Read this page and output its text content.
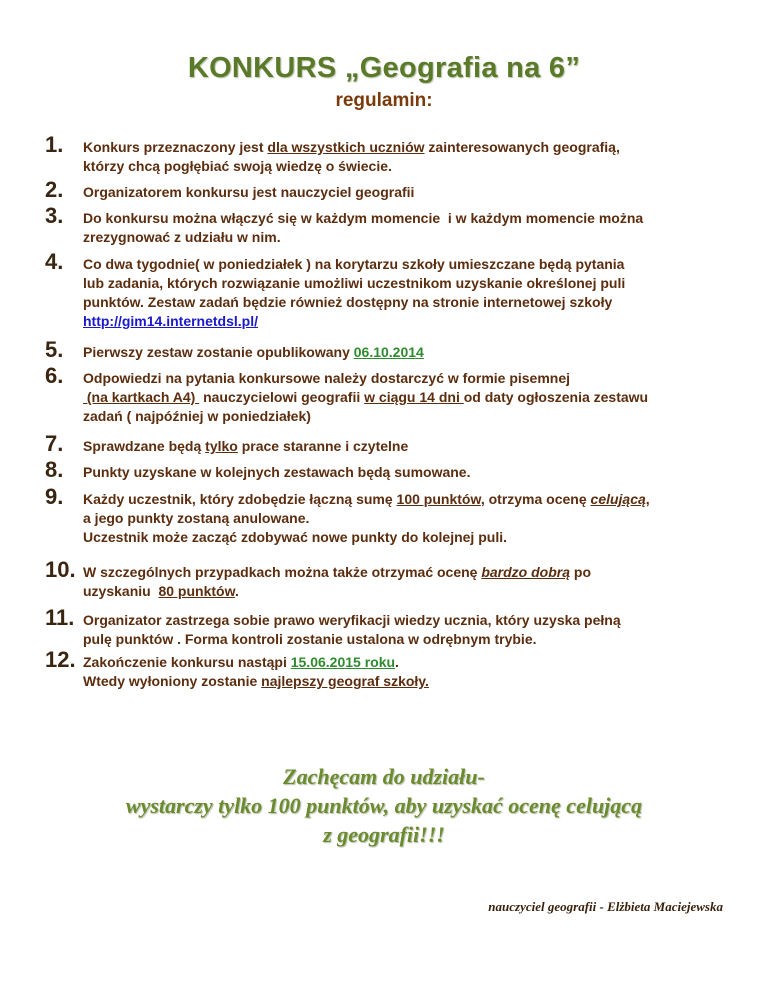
KONKURS „Geografia na 6”
regulamin:
1. Konkurs przeznaczony jest dla wszystkich uczniów zainteresowanych geografią,
którzy chcą pogłębiać swoją wiedzę o świecie.
2. Organizatorem konkursu jest nauczyciel geografii
3. Do konkursu można włączyć się w każdym momencie  i w każdym momencie można
zrezygnować z udziału w nim.
4. Co dwa tygodnie( w poniedziałek ) na korytarzu szkoły umieszczane będą pytania
lub zadania, których rozwiązanie umożliwi uczestnikom uzyskanie określonej puli
punktów. Zestaw zadań będzie również dostępny na stronie internetowej szkoły
http://gim14.internetdsl.pl/
5. Pierwszy zestaw zostanie opublikowany 06.10.2014
6. Odpowiedzi na pytania konkursowe należy dostarczyć w formie pisemnej
(na kartkach A4)  nauczycielowi geografii w ciągu 14 dni od daty ogłoszenia zestawu
zadań ( najpóźniej w poniedziałek)
7. Sprawdzane będą tylko prace staranne i czytelne
8. Punkty uzyskane w kolejnych zestawach będą sumowane.
9. Każdy uczestnik, który zdobędzie łączną sumę 100 punktów, otrzyma ocenę celującą,
a jego punkty zostaną anulowane.
Uczestnik może zacząć zdobywać nowe punkty do kolejnej puli.
10. W szczególnych przypadkach można także otrzymać ocenę bardzo dobrą po
uzyskaniu  80 punktów.
11. Organizator zastrzega sobie prawo weryfikacji wiedzy ucznia, który uzyska pełną
pulę punktów . Forma kontroli zostanie ustalona w odrębnym trybie.
12. Zakończenie konkursu nastąpi 15.06.2015 roku.
Wtedy wyłoniony zostanie najlepszy geograf szkoły.
Zachęcam do udziału-
wystarczy tylko 100 punktów, aby uzyskać ocenę celującą
z geografii!!!
nauczyciel geografii - Elżbieta Maciejewska
